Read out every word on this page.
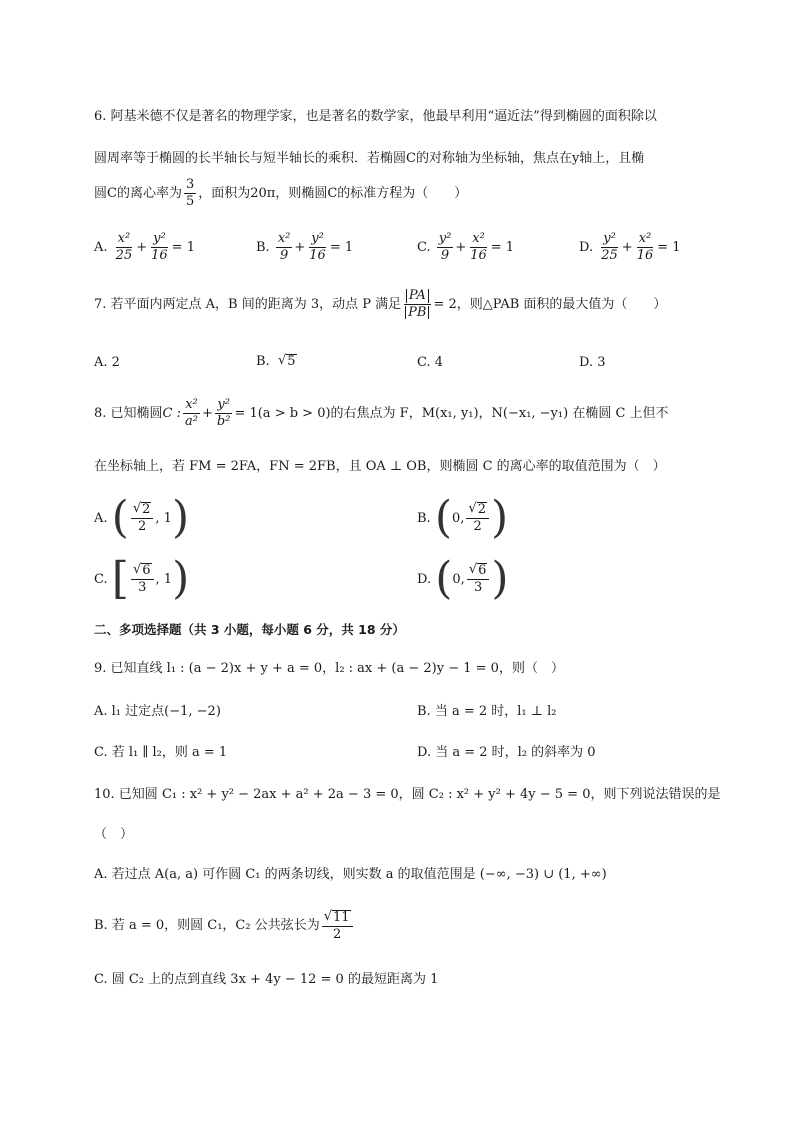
6. 阿基米德不仅是著名的物理学家，也是著名的数学家，他最早利用“逼近法”得到椭圆的面积除以
圆周率等于椭圆的长半轴长与短半轴长的乘积．若椭圆C的对称轴为坐标轴，焦点在y轴上，且椭
圆C的离心率为 $\frac{3}{5}$ ，面积为20π，则椭圆C的标准方程为（　　）
A.
$\frac{\text{x²}}{25} + \frac{\text{y²}}{16} = 1$	B.
$\frac{\text{x²}}{9} + \frac{\text{y²}}{16} = 1$	C.
$\frac{\text{y²}}{9} + \frac{\text{x²}}{16} = 1$	D.
$\frac{\text{y²}}{25} + \frac{\text{x²}}{16} = 1$
7. 若平面内两定点 A，B 间的距离为 3，动点 P 满足 $\frac{PA}{PB} = 2$ ，则△PAB 面积的最大值为（　　）
A. 2	B.
√ 5	C. 4	D. 3
8. 已知椭圆 C : $\frac{\text{x²}}{\text{a²}} + \frac{\text{y²}}{\text{b²}} = 1(a > b > 0)$ 的右焦点为 F，M(x₁, y₁)，N(−x₁, −y₁) 在椭圆 C 上但不
在坐标轴上，若 FM = 2FA，FN = 2FB，且 OA ⊥ OB，则椭圆 C 的离心率的取值范围为（　）
A.
( $\frac{√ 2}{2}$ , 1 )	B.
( 0, $\frac{√ 2}{2}$ )
C.
[ $\frac{√ 6}{3}$ , 1 )	D.
( 0, $\frac{√ 6}{3}$ )
二、多项选择题（共 3 小题，每小题 6 分，共 18 分）
9. 已知直线 l₁ : (a − 2)x + y + a = 0，l₂ : ax + (a − 2)y − 1 = 0，则（　）
A. l₁ 过定点(−1, −2)	B. 当 a = 2 时，l₁ ⊥ l₂
C. 若 l₁ ∥ l₂，则 a = 1	D. 当 a = 2 时，l₂ 的斜率为 0
10. 已知圆 C₁ : x² + y² − 2ax + a² + 2a − 3 = 0，圆 C₂ : x² + y² + 4y − 5 = 0，则下列说法错误的是
（　）
A. 若过点 A(a, a) 可作圆 C₁ 的两条切线，则实数 a 的取值范围是 (−∞, −3) ∪ (1, +∞)
B. 若 a = 0，则圆 C₁，C₂ 公共弦长为 $\frac{√ 11}{2}$
C. 圆 C₂ 上的点到直线 3x + 4y − 12 = 0 的最短距离为 1
